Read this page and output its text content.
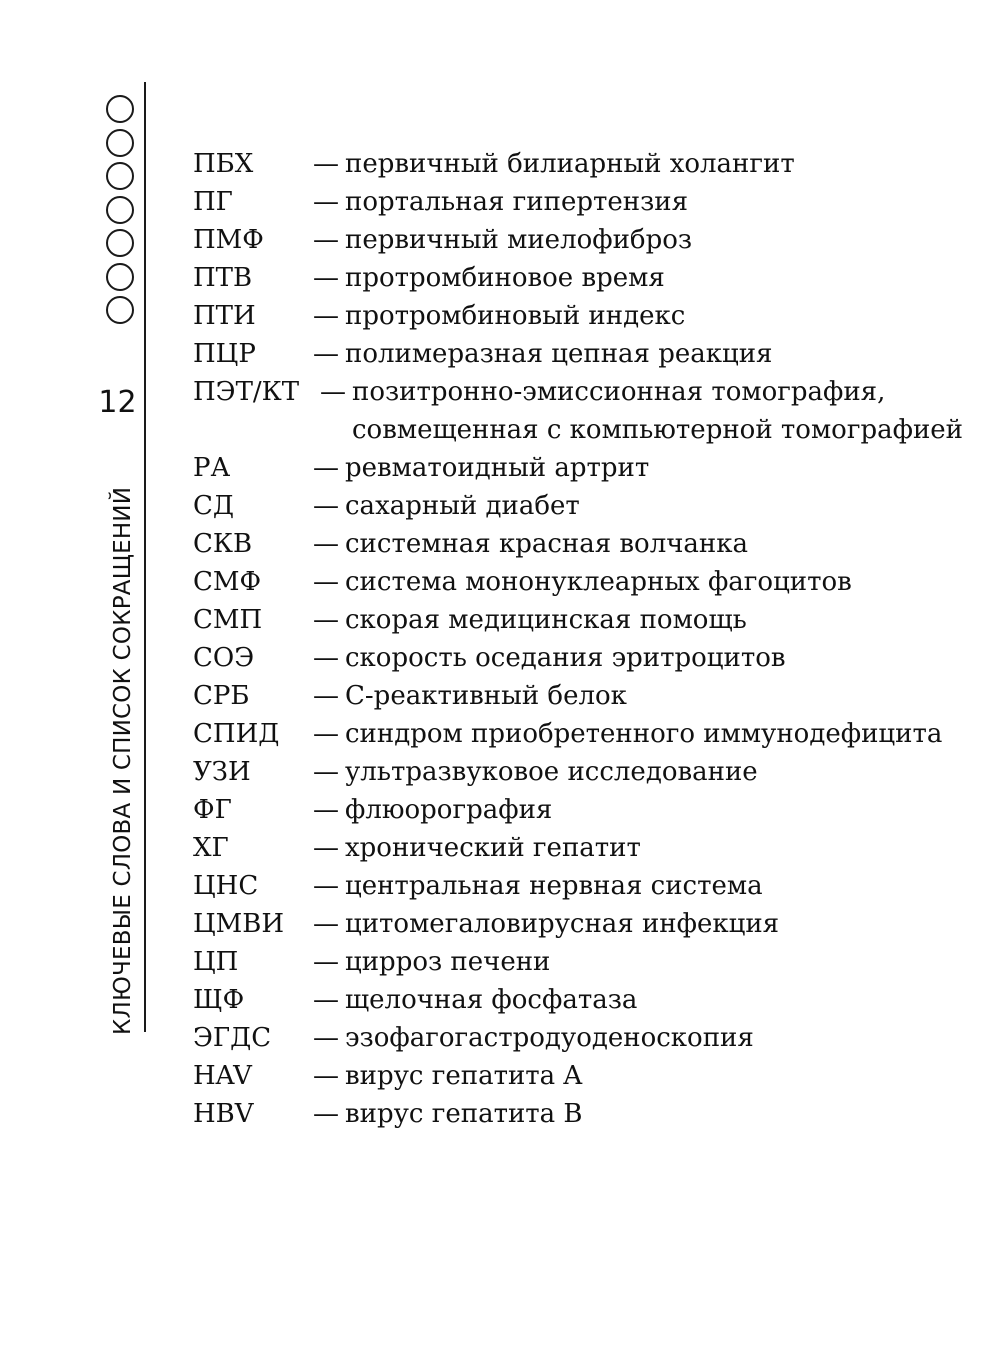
12
КЛЮЧЕВЫЕ СЛОВА И СПИСОК СОКРАЩЕНИЙ
ПБХ	— первичный билиарный холангит
ПГ	— портальная гипертензия
ПМФ	— первичный миелофиброз
ПТВ	— протромбиновое время
ПТИ	— протромбиновый индекс
ПЦР	— полимеразная цепная реакция
ПЭТ/КТ — позитронно-эмиссионная томография, совмещенная с компьютерной томографией
РА	— ревматоидный артрит
СД	— сахарный диабет
СКВ	— системная красная волчанка
СМФ	— система мононуклеарных фагоцитов
СМП	— скорая медицинская помощь
СОЭ	— скорость оседания эритроцитов
СРБ	— С-реактивный белок
СПИД	— синдром приобретенного иммунодефицита
УЗИ	— ультразвуковое исследование
ФГ	— флюорография
ХГ	— хронический гепатит
ЦНС	— центральная нервная система
ЦМВИ	— цитомегаловирусная инфекция
ЦП	— цирроз печени
ЩФ	— щелочная фосфатаза
ЭГДС	— эзофагогастродуоденоскопия
HAV	— вирус гепатита A
HBV	— вирус гепатита B
